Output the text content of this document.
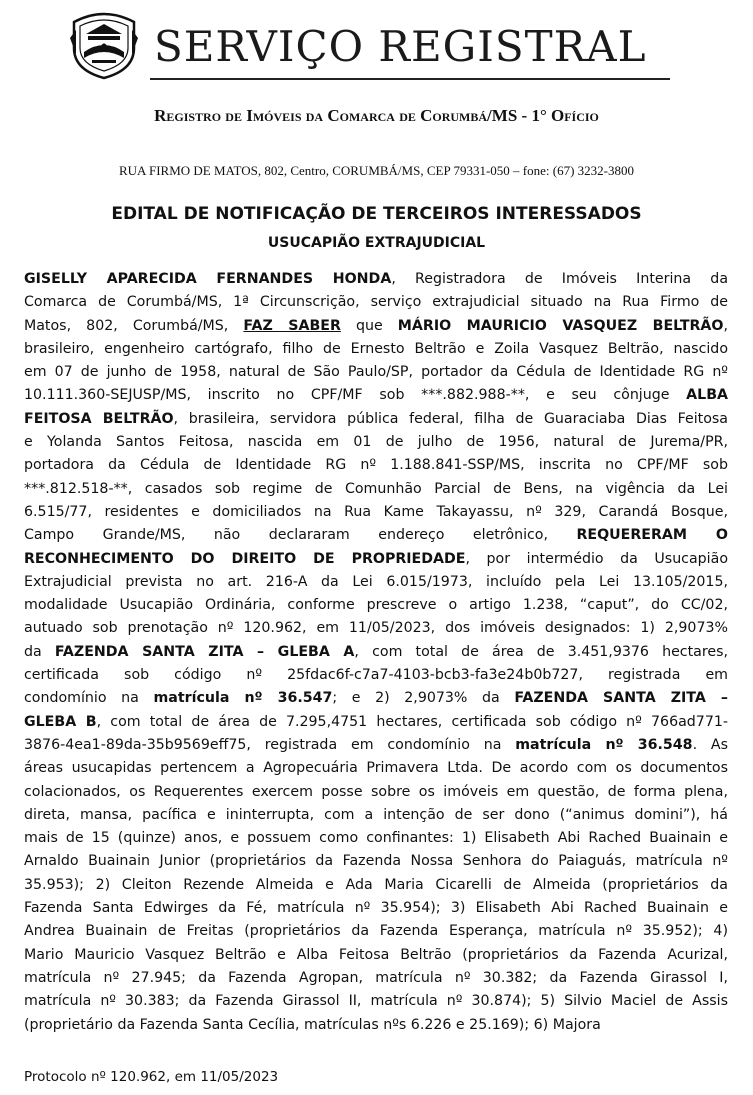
SERVIÇO REGISTRAL
Registro de Imóveis da Comarca de Corumbá/MS - 1° Ofício
RUA FIRMO DE MATOS, 802, Centro, CORUMBÁ/MS, CEP 79331-050 – fone: (67) 3232-3800
EDITAL DE NOTIFICAÇÃO DE TERCEIROS INTERESSADOS
USUCAPIÃO EXTRAJUDICIAL
GISELLY APARECIDA FERNANDES HONDA, Registradora de Imóveis Interina da
Comarca de Corumbá/MS, 1ª Circunscrição, serviço extrajudicial situado na Rua Firmo de
Matos, 802, Corumbá/MS, FAZ SABER que MÁRIO MAURICIO VASQUEZ BELTRÃO,
brasileiro, engenheiro cartógrafo, filho de Ernesto Beltrão e Zoila Vasquez Beltrão, nascido
em 07 de junho de 1958, natural de São Paulo/SP, portador da Cédula de Identidade RG nº
10.111.360-SEJUSP/MS, inscrito no CPF/MF sob ***.882.988-**, e seu cônjuge ALBA
FEITOSA BELTRÃO, brasileira, servidora pública federal, filha de Guaraciaba Dias Feitosa
e Yolanda Santos Feitosa, nascida em 01 de julho de 1956, natural de Jurema/PR,
portadora da Cédula de Identidade RG nº 1.188.841-SSP/MS, inscrita no CPF/MF sob
***.812.518-**, casados sob regime de Comunhão Parcial de Bens, na vigência da Lei
6.515/77, residentes e domiciliados na Rua Kame Takayassu, nº 329, Carandá Bosque,
Campo Grande/MS, não declararam endereço eletrônico, REQUERERAM O
RECONHECIMENTO DO DIREITO DE PROPRIEDADE, por intermédio da Usucapião
Extrajudicial prevista no art. 216-A da Lei 6.015/1973, incluído pela Lei 13.105/2015,
modalidade Usucapião Ordinária, conforme prescreve o artigo 1.238, “caput”, do CC/02,
autuado sob prenotação nº 120.962, em 11/05/2023, dos imóveis designados: 1) 2,9073%
da FAZENDA SANTA ZITA – GLEBA A, com total de área de 3.451,9376 hectares,
certificada sob código nº 25fdac6f-c7a7-4103-bcb3-fa3e24b0b727, registrada em
condomínio na matrícula nº 36.547; e 2) 2,9073% da FAZENDA SANTA ZITA –
GLEBA B, com total de área de 7.295,4751 hectares, certificada sob código nº 766ad771-
3876-4ea1-89da-35b9569eff75, registrada em condomínio na matrícula nº 36.548. As
áreas usucapidas pertencem a Agropecuária Primavera Ltda. De acordo com os documentos
colacionados, os Requerentes exercem posse sobre os imóveis em questão, de forma plena,
direta, mansa, pacífica e ininterrupta, com a intenção de ser dono (“animus domini”), há
mais de 15 (quinze) anos, e possuem como confinantes: 1) Elisabeth Abi Rached Buainain e
Arnaldo Buainain Junior (proprietários da Fazenda Nossa Senhora do Paiaguás, matrícula nº
35.953); 2) Cleiton Rezende Almeida e Ada Maria Cicarelli de Almeida (proprietários da
Fazenda Santa Edwirges da Fé, matrícula nº 35.954); 3) Elisabeth Abi Rached Buainain e
Andrea Buainain de Freitas (proprietários da Fazenda Esperança, matrícula nº 35.952); 4)
Mario Mauricio Vasquez Beltrão e Alba Feitosa Beltrão (proprietários da Fazenda Acurizal,
matrícula nº 27.945; da Fazenda Agropan, matrícula nº 30.382; da Fazenda Girassol I,
matrícula nº 30.383; da Fazenda Girassol II, matrícula nº 30.874); 5) Silvio Maciel de Assis
(proprietário da Fazenda Santa Cecília, matrículas nºs 6.226 e 25.169); 6) Majora
Protocolo nº 120.962, em 11/05/2023
